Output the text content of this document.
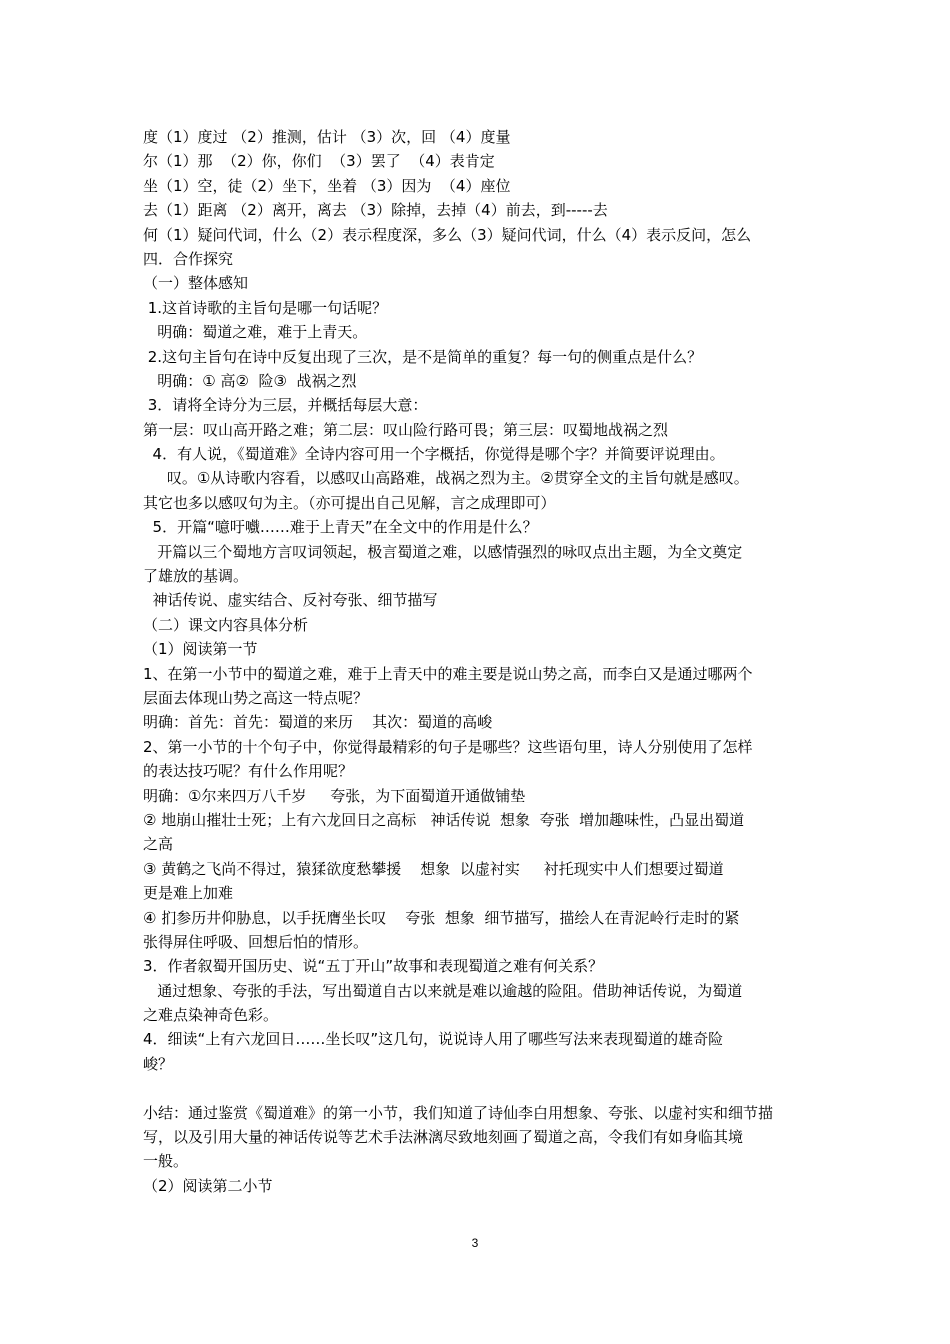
度（1）度过 （2）推测，估计 （3）次，回 （4）度量
尔（1）那  （2）你，你们  （3）罢了  （4）表肯定
坐（1）空，徒（2）坐下，坐着 （3）因为  （4）座位
去（1）距离 （2）离开，离去 （3）除掉，去掉（4）前去，到-----去
何（1）疑问代词，什么（2）表示程度深，多么（3）疑问代词，什么（4）表示反问，怎么
四．合作探究
（一）整体感知
1.这首诗歌的主旨句是哪一句话呢？
明确：蜀道之难，难于上青天。
2.这句主旨句在诗中反复出现了三次，是不是简单的重复？每一句的侧重点是什么？
明确：① 高②  险③  战祸之烈
3．请将全诗分为三层，并概括每层大意：
第一层：叹山高开路之难；第二层：叹山险行路可畏；第三层：叹蜀地战祸之烈
4．有人说，《蜀道难》全诗内容可用一个字概括，你觉得是哪个字？并简要评说理由。
叹。①从诗歌内容看，以感叹山高路难，战祸之烈为主。②贯穿全文的主旨句就是感叹。
其它也多以感叹句为主。（亦可提出自己见解，言之成理即可）
5．开篇“噫吁嚱……难于上青天”在全文中的作用是什么？
开篇以三个蜀地方言叹词领起，极言蜀道之难，以感情强烈的咏叹点出主题，为全文奠定
了雄放的基调。
神话传说、虚实结合、反衬夸张、细节描写
（二）课文内容具体分析
（1）阅读第一节
1、在第一小节中的蜀道之难，难于上青天中的难主要是说山势之高，而李白又是通过哪两个
层面去体现山势之高这一特点呢？
明确：首先：首先：蜀道的来历    其次：蜀道的高峻
2、第一小节的十个句子中，你觉得最精彩的句子是哪些？这些语句里，诗人分别使用了怎样
的表达技巧呢？有什么作用呢？
明确：①尔来四万八千岁     夸张，为下面蜀道开通做铺垫
② 地崩山摧壮士死；上有六龙回日之高标   神话传说  想象  夸张  增加趣味性，凸显出蜀道
之高
③ 黄鹤之飞尚不得过，猿猱欲度愁攀援    想象  以虚衬实     衬托现实中人们想要过蜀道
更是难上加难
④ 扪参历井仰胁息，以手抚膺坐长叹    夸张  想象  细节描写，描绘人在青泥岭行走时的紧
张得屏住呼吸、回想后怕的情形。
3．作者叙蜀开国历史、说“五丁开山”故事和表现蜀道之难有何关系？
通过想象、夸张的手法，写出蜀道自古以来就是难以逾越的险阻。借助神话传说，为蜀道
之难点染神奇色彩。
4．细读“上有六龙回日……坐长叹”这几句，说说诗人用了哪些写法来表现蜀道的雄奇险
峻？
小结：通过鉴赏《蜀道难》的第一小节，我们知道了诗仙李白用想象、夸张、以虚衬实和细节描
写，以及引用大量的神话传说等艺术手法淋漓尽致地刻画了蜀道之高，令我们有如身临其境
一般。
（2）阅读第二小节
3
